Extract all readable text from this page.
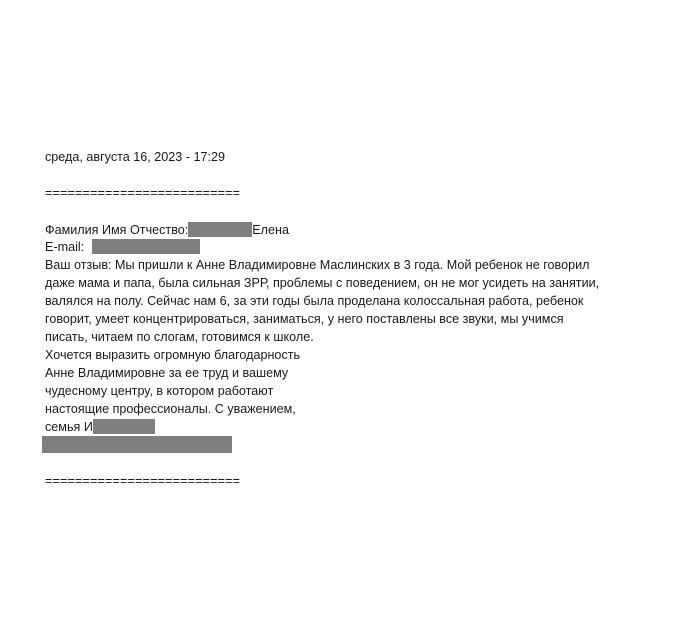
среда, августа 16, 2023 - 17:29
==========================
Фамилия Имя Отчество:	Елена
E-mail:
Ваш отзыв: Мы пришли к Анне Владимировне Маслинских в 3 года. Мой ребенок не говорил
даже мама и папа, была сильная ЗРР, проблемы с поведением, он не мог усидеть на занятии,
валялся на полу. Сейчас нам 6, за эти годы была проделана колоссальная работа, ребенок
говорит, умеет концентрироваться, заниматься, у него поставлены все звуки, мы учимся
писать, читаем по слогам, готовимся к школе.
Хочется выразить огромную благодарность
Анне Владимировне за ее труд и вашему
чудесному центру, в котором работают
настоящие профессионалы. С уважением,
семья И
==========================
